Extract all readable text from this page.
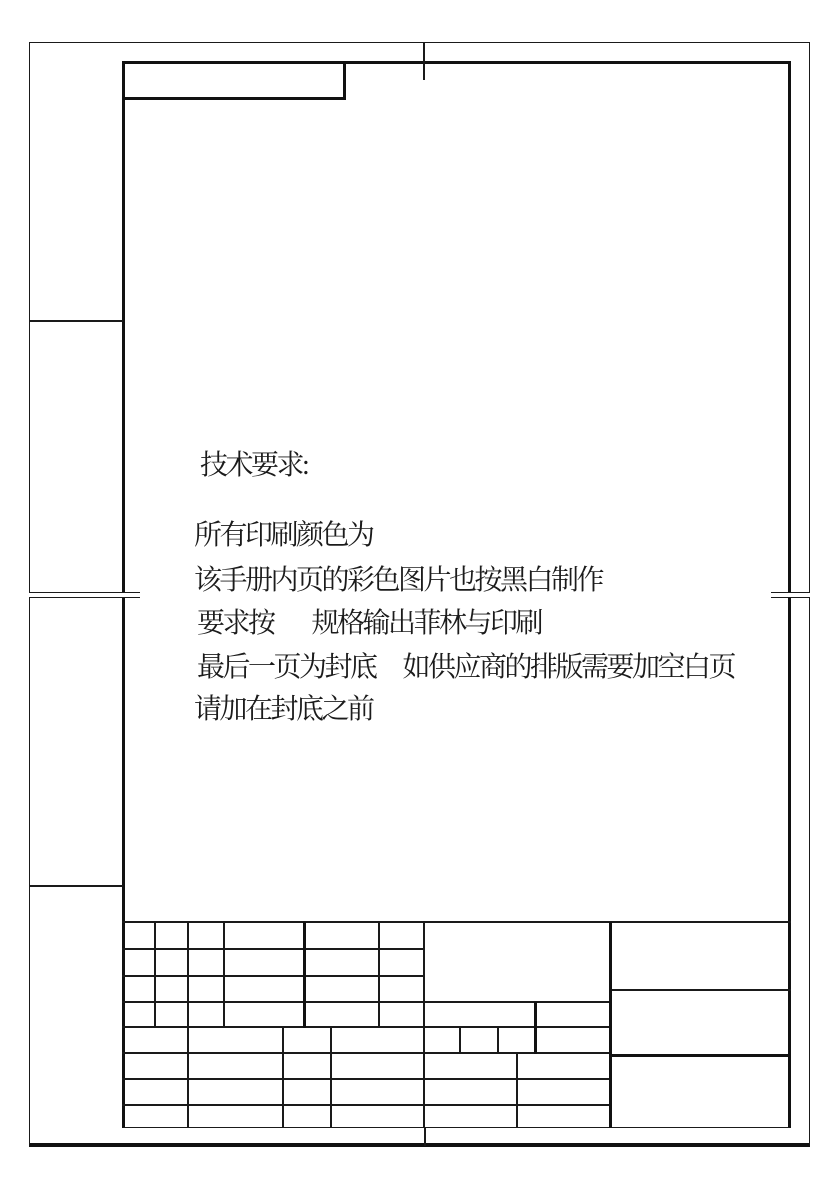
技术要求:
所有印刷颜色为
该手册内页的彩色图片也按黑白制作
要求按 规格输出菲林与印刷
最后一页为封底 如供应商的排版需要加空白页
请加在封底之前
